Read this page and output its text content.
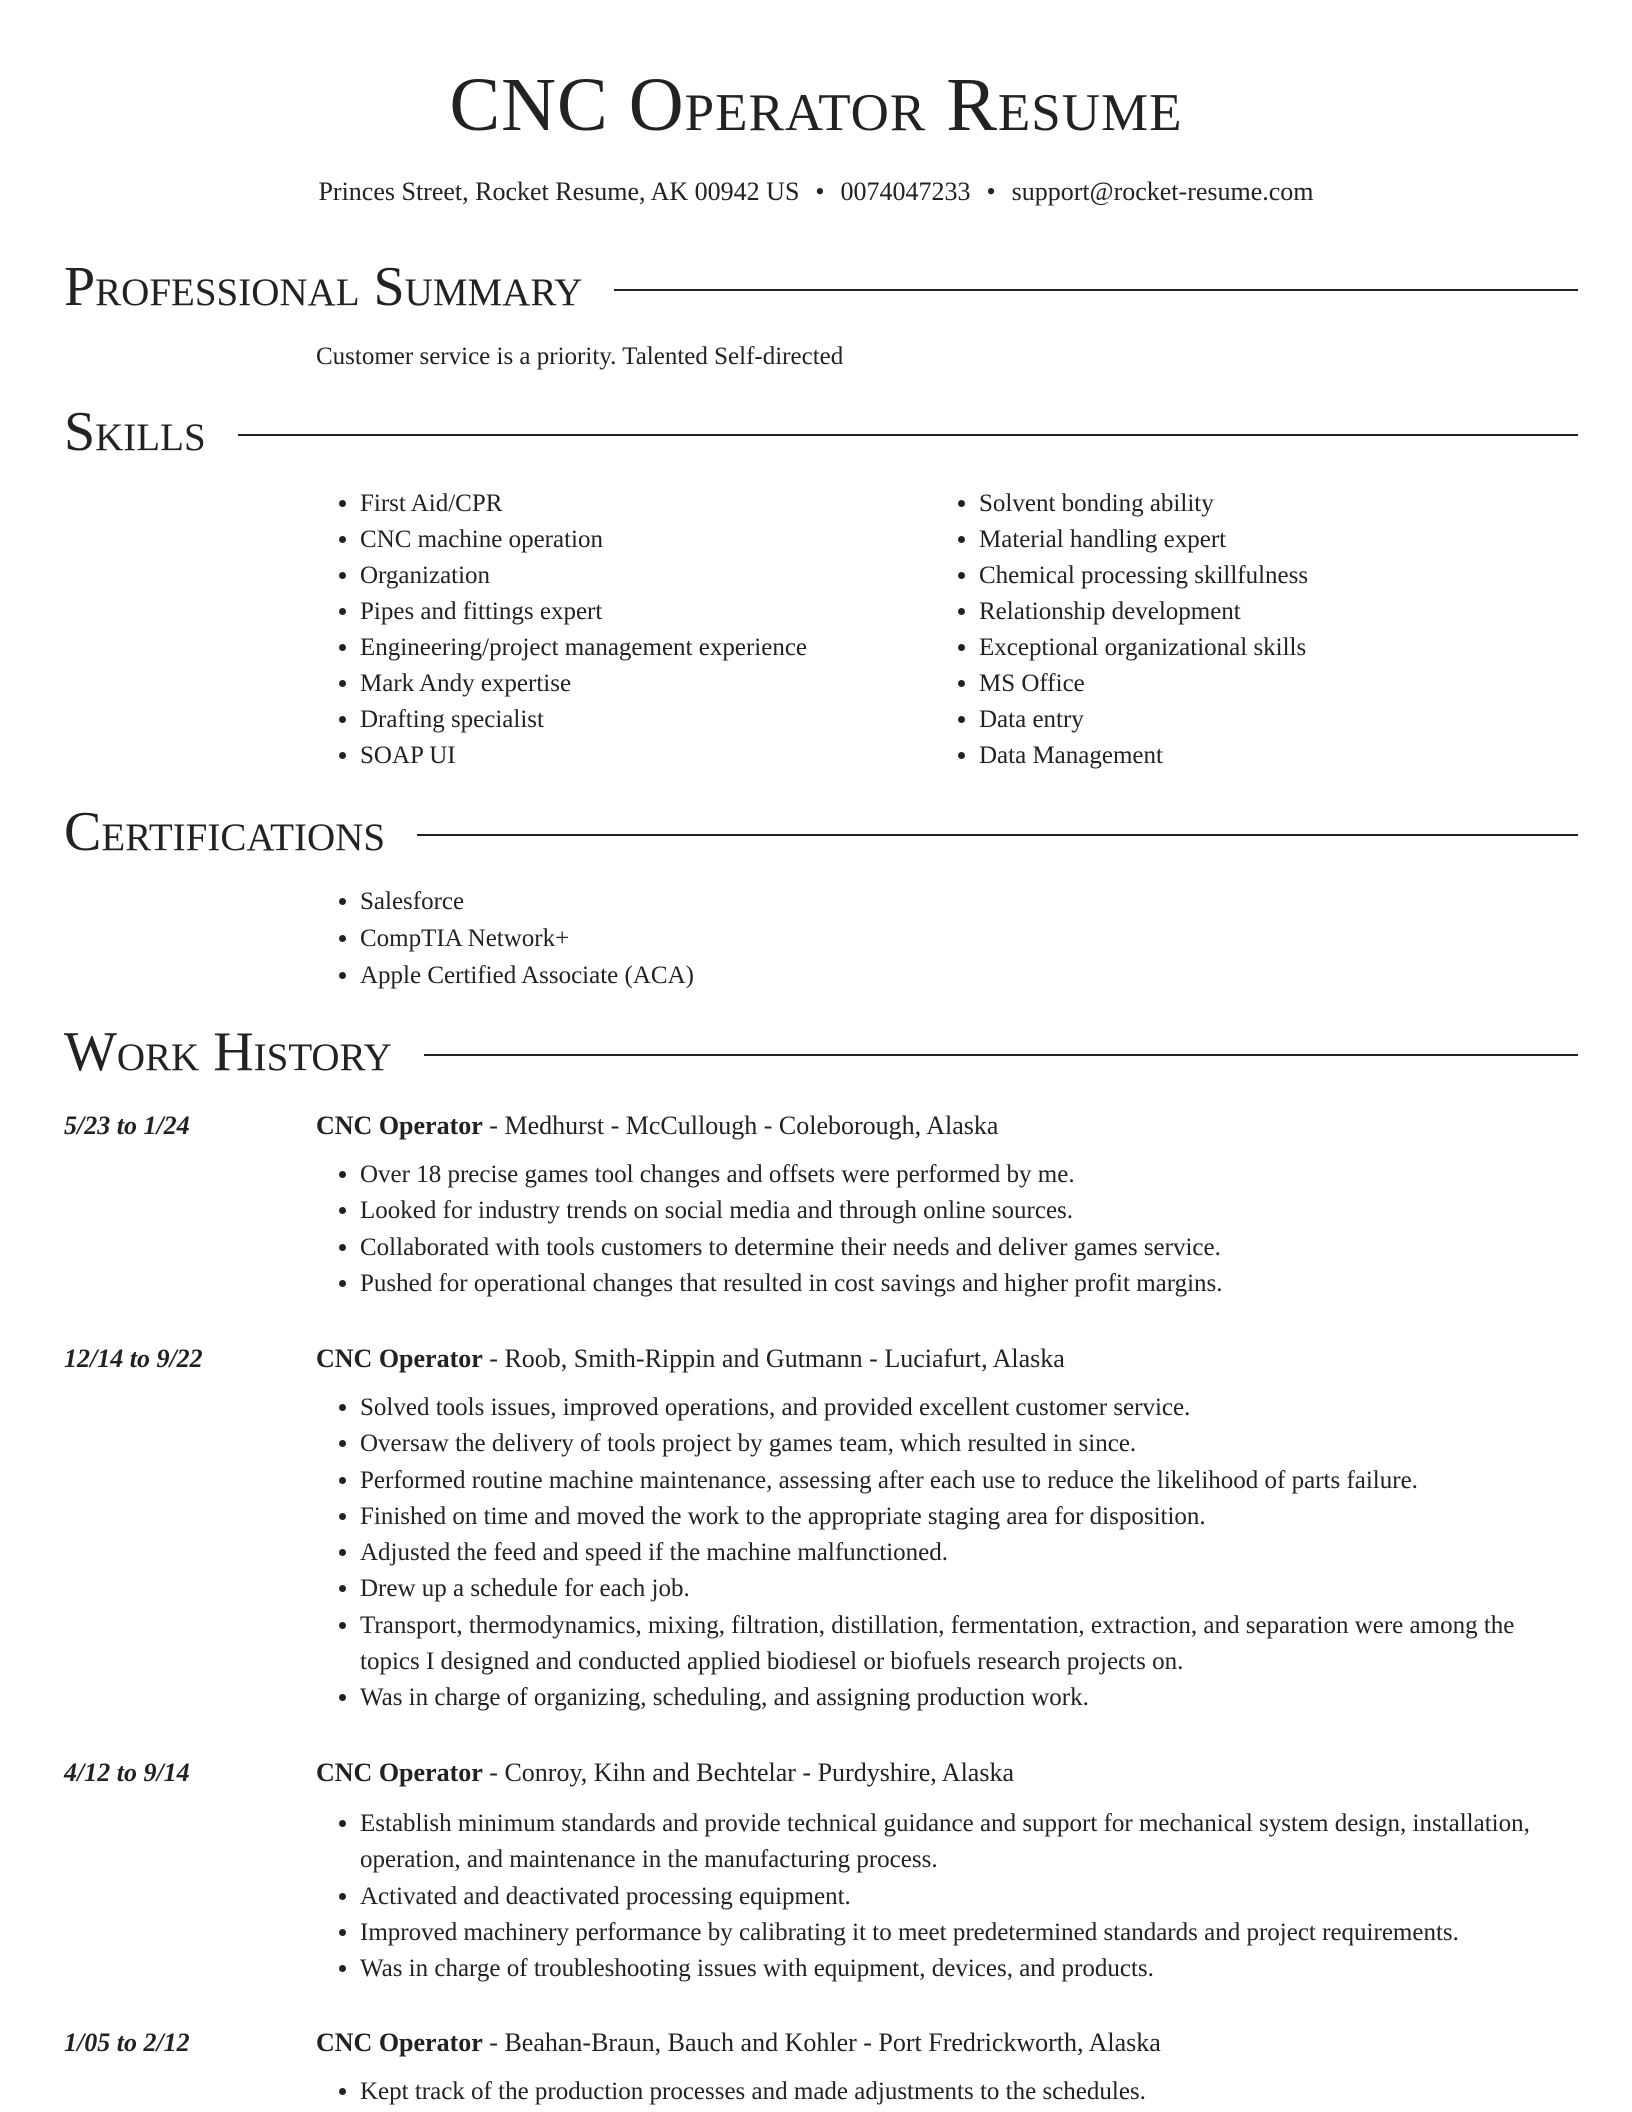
CNC Operator Resume
Princes Street, Rocket Resume, AK 00942 US • 0074047233 • support@rocket-resume.com
Professional Summary
Customer service is a priority. Talented Self-directed
Skills
• First Aid/CPR
• CNC machine operation
• Organization
• Pipes and fittings expert
• Engineering/project management experience
• Mark Andy expertise
• Drafting specialist
• SOAP UI
• Solvent bonding ability
• Material handling expert
• Chemical processing skillfulness
• Relationship development
• Exceptional organizational skills
• MS Office
• Data entry
• Data Management
Certifications
• Salesforce
• CompTIA Network+
• Apple Certified Associate (ACA)
Work History
5/23 to 1/24	CNC Operator - Medhurst - McCullough - Coleborough, Alaska
• Over 18 precise games tool changes and offsets were performed by me.
• Looked for industry trends on social media and through online sources.
• Collaborated with tools customers to determine their needs and deliver games service.
• Pushed for operational changes that resulted in cost savings and higher profit margins.
12/14 to 9/22	CNC Operator - Roob, Smith-Rippin and Gutmann - Luciafurt, Alaska
• Solved tools issues, improved operations, and provided excellent customer service.
• Oversaw the delivery of tools project by games team, which resulted in since.
• Performed routine machine maintenance, assessing after each use to reduce the likelihood of parts failure.
• Finished on time and moved the work to the appropriate staging area for disposition.
• Adjusted the feed and speed if the machine malfunctioned.
• Drew up a schedule for each job.
• Transport, thermodynamics, mixing, filtration, distillation, fermentation, extraction, and separation were among the topics I designed and conducted applied biodiesel or biofuels research projects on.
• Was in charge of organizing, scheduling, and assigning production work.
4/12 to 9/14	CNC Operator - Conroy, Kihn and Bechtelar - Purdyshire, Alaska
• Establish minimum standards and provide technical guidance and support for mechanical system design, installation, operation, and maintenance in the manufacturing process.
• Activated and deactivated processing equipment.
• Improved machinery performance by calibrating it to meet predetermined standards and project requirements.
• Was in charge of troubleshooting issues with equipment, devices, and products.
1/05 to 2/12	CNC Operator - Beahan-Braun, Bauch and Kohler - Port Fredrickworth, Alaska
• Kept track of the production processes and made adjustments to the schedules.
